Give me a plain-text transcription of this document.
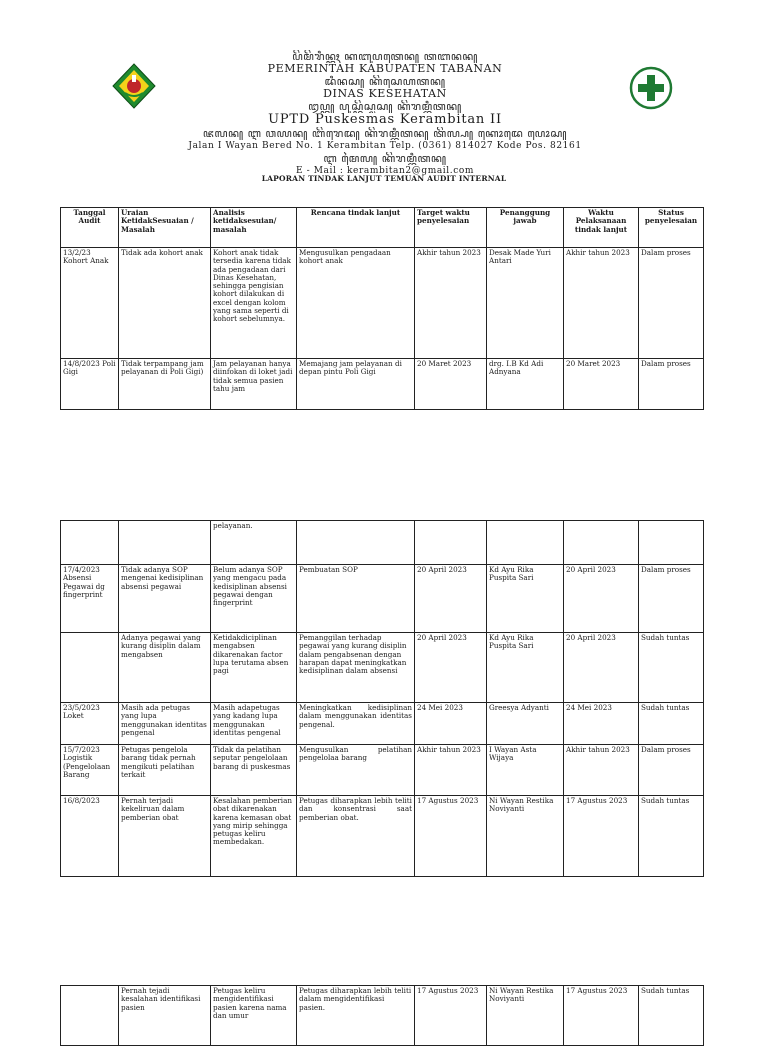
ꦥꦼꦩꦼꦫꦶꦤ꧀ꦠꦃ ꦏꦧꦸꦥꦠꦺꦤ꧀ ꦠꦧꦤꦤ꧀
PEMERINTAH KABUPATEN TABANAN
ꦢꦶꦤꦱ꧀ ꦏꦼꦱꦺꦲꦠꦤ꧀
DINAS KESEHATAN
ꦈꦥ꧀ꦠ꧀ꦢ꧀ ꦥꦸꦱ꧀ꦏꦼꦱ꧀ꦩꦱ꧀ ꦏꦼꦫꦩ꧀ꦧꦶꦠꦤ꧀
UPTD Puskesmas Kerambitan II
ꦗꦭꦤ꧀ ꦆ ꦮꦪꦤ꧀ ꦧꦼꦫꦺꦢ꧀ ꦏꦼꦫꦩ꧀ꦧꦶꦠꦤ꧀ ꦠꦼꦭ꧀ꦥ꧀ ꦏꦺꦴꦢꦺ ꦥꦺꦴꦱ꧀
Jalan I Wayan Bered No. 1 Kerambitan Telp. (0361) 814027 Kode Pos. 82161
ꦆ ꦩꦻꦭ꧀ ꦏꦼꦫꦩ꧀ꦧꦶꦠꦤ꧀
E - Mail : kerambitan2@gmail.com
LAPORAN TINDAK LANJUT TEMUAN AUDIT INTERNAL
Tanggal Audit	Uraian KetidakSesuaian / Masalah	Analisis ketidaksesuian/ masalah	Rencana tindak lanjut	Target waktu penyelesaian	Penanggung jawab	Waktu Pelaksanaan tindak lanjut	Status penyelesaian
13/2/23 Kohort Anak	Tidak ada kohort anak	Kohort anak tidak tersedia karena tidak ada pengadaan dari Dinas Kesehatan, sehingga pengisian kohort dilakukan di excel dengan kolom yang sama seperti di kohort sebelumnya.	Mengusulkan pengadaan kohort anak	Akhir tahun 2023	Desak Made Yuri Antari	Akhir tahun 2023	Dalam proses
14/8/2023 Poli Gigi	Tidak terpampang jam pelayanan di Poli Gigi)	Jam pelayanan hanya diinfokan di loket jadi tidak semua pasien tahu jam	Memajang jam pelayanan di depan pintu Poli Gigi	20 Maret 2023	drg. I.B Kd Adi Adnyana	20 Maret 2023	Dalam proses
		pelayanan.					
17/4/2023 Absensi Pegawai dg fingerprint	Tidak adanya SOP mengenai kedisiplinan absensi pegawai	Belum adanya SOP yang mengacu pada kedisiplinan absensi pegawai dengan fingerprint	Pembuatan SOP	20 April 2023	Kd Ayu Rika Puspita Sari	20 April 2023	Dalam proses
	Adanya pegawai yang kurang disiplin dalam mengabsen	Ketidakdiciplinan mengabsen dikarenakan factor lupa terutama absen pagi	Pemanggilan terhadap pegawai yang kurang disiplin dalam pengabsenan dengan harapan dapat meningkatkan kedisiplinan dalam absensi	20 April 2023	Kd Ayu Rika Puspita Sari	20 April 2023	Sudah tuntas
23/5/2023 Loket	Masih ada petugas yang lupa menggunakan identitas pengenal	Masih adapetugas yang kadang lupa menggunakan identitas pengenal	Meningkatkan kedisiplinan dalam menggunakan identitas pengenal.	24 Mei 2023	Greesya Adyanti	24 Mei 2023	Sudah tuntas
15/7/2023 Logistik (Pengelolaan Barang	Petugas pengelola barang tidak pernah mengikuti pelatihan terkait	Tidak da pelatihan seputar pengelolaan barang di puskesmas	Mengusulkan pelatihan pengelolaa barang	Akhir tahun 2023	I Wayan Asta Wijaya	Akhir tahun 2023	Dalam proses
16/8/2023	Pernah terjadi kekeliruan dalam pemberian obat	Kesalahan pemberian obat dikarenakan karena kemasan obat yang mirip sehingga petugas keliru membedakan.	Petugas diharapkan lebih teliti dan konsentrasi saat pemberian obat.	17 Agustus 2023	Ni Wayan Restika Noviyanti	17 Agustus 2023	Sudah tuntas
	Pernah tejadi kesalahan identifikasi pasien	Petugas keliru mengidentifikasi pasien karena nama dan umur	Petugas diharapkan lebih teliti dalam mengidentifikasi pasien.	17 Agustus 2023	Ni Wayan Restika Noviyanti	17 Agustus 2023	Sudah tuntas
